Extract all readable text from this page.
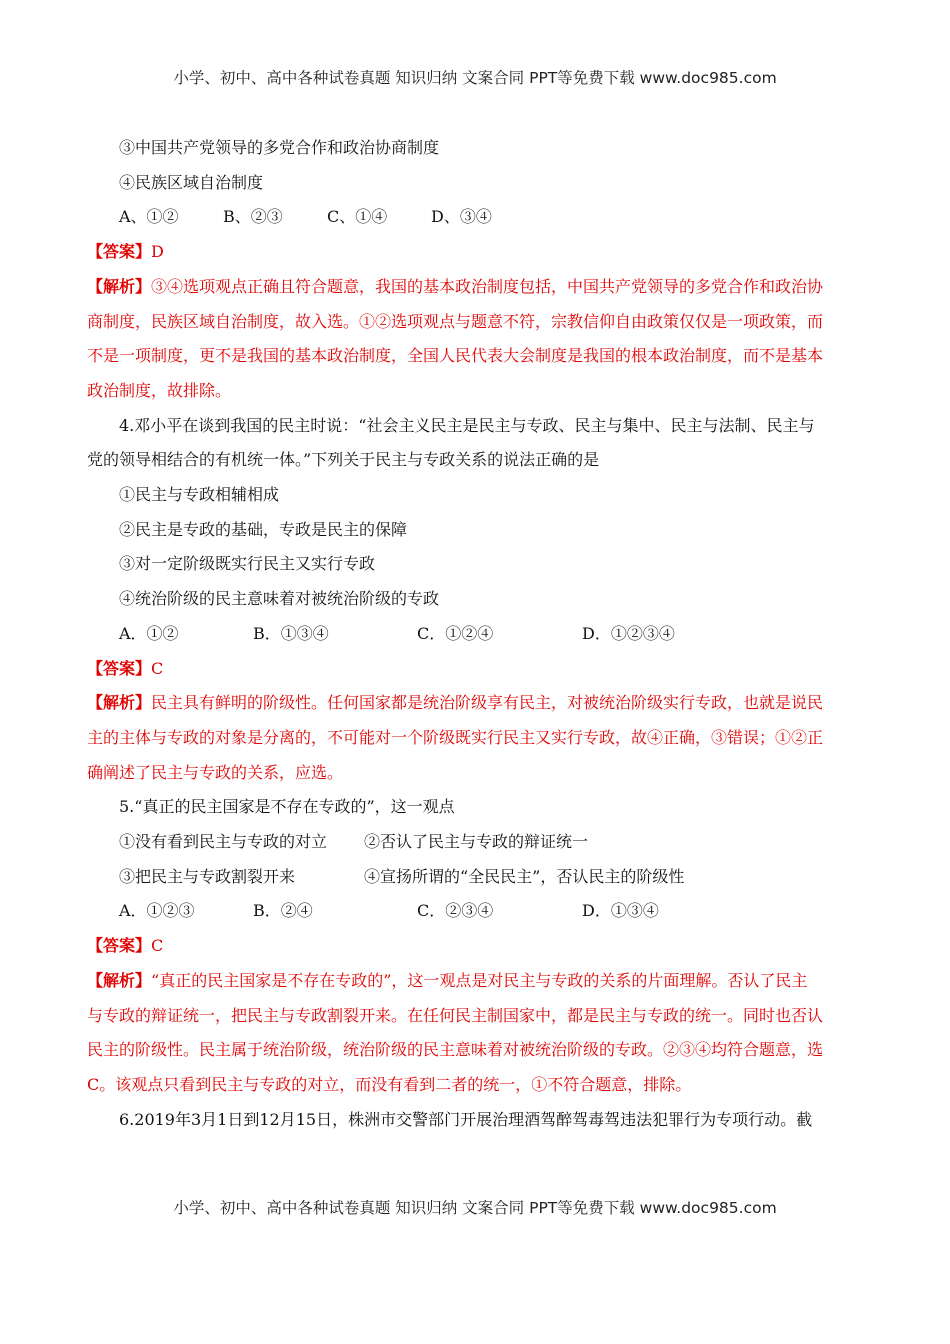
小学、初中、高中各种试卷真题 知识归纳 文案合同 PPT等免费下载 www.doc985.com

③中国共产党领导的多党合作和政治协商制度

④民族区域自治制度

A、①②	B、②③	C、①④	D、③④

【答案】D

【解析】③④选项观点正确且符合题意，我国的基本政治制度包括，中国共产党领导的多党合作和政治协

商制度，民族区域自治制度，故入选。①②选项观点与题意不符，宗教信仰自由政策仅仅是一项政策，而

不是一项制度，更不是我国的基本政治制度，全国人民代表大会制度是我国的根本政治制度，而不是基本

政治制度，故排除。

4.邓小平在谈到我国的民主时说：“社会主义民主是民主与专政、民主与集中、民主与法制、民主与

党的领导相结合的有机统一体。”下列关于民主与专政关系的说法正确的是

①民主与专政相辅相成

②民主是专政的基础，专政是民主的保障

③对一定阶级既实行民主又实行专政

④统治阶级的民主意味着对被统治阶级的专政

A．①②	B．①③④	C．①②④	D．①②③④

【答案】C

【解析】民主具有鲜明的阶级性。任何国家都是统治阶级享有民主，对被统治阶级实行专政，也就是说民

主的主体与专政的对象是分离的，不可能对一个阶级既实行民主又实行专政，故④正确，③错误；①②正

确阐述了民主与专政的关系，应选。

5.“真正的民主国家是不存在专政的”，这一观点

①没有看到民主与专政的对立	②否认了民主与专政的辩证统一
③把民主与专政割裂开来	④宣扬所谓的“全民民主”，否认民主的阶级性
A．①②③	B．②④	C．②③④	D．①③④

【答案】C

【解析】“真正的民主国家是不存在专政的”，这一观点是对民主与专政的关系的片面理解。否认了民主

与专政的辩证统一，把民主与专政割裂开来。在任何民主制国家中，都是民主与专政的统一。同时也否认

民主的阶级性。民主属于统治阶级，统治阶级的民主意味着对被统治阶级的专政。②③④均符合题意，选

C。该观点只看到民主与专政的对立，而没有看到二者的统一，①不符合题意，排除。

6.2019年3月1日到12月15日，株洲市交警部门开展治理酒驾醉驾毒驾违法犯罪行为专项行动。截

小学、初中、高中各种试卷真题 知识归纳 文案合同 PPT等免费下载 www.doc985.com
